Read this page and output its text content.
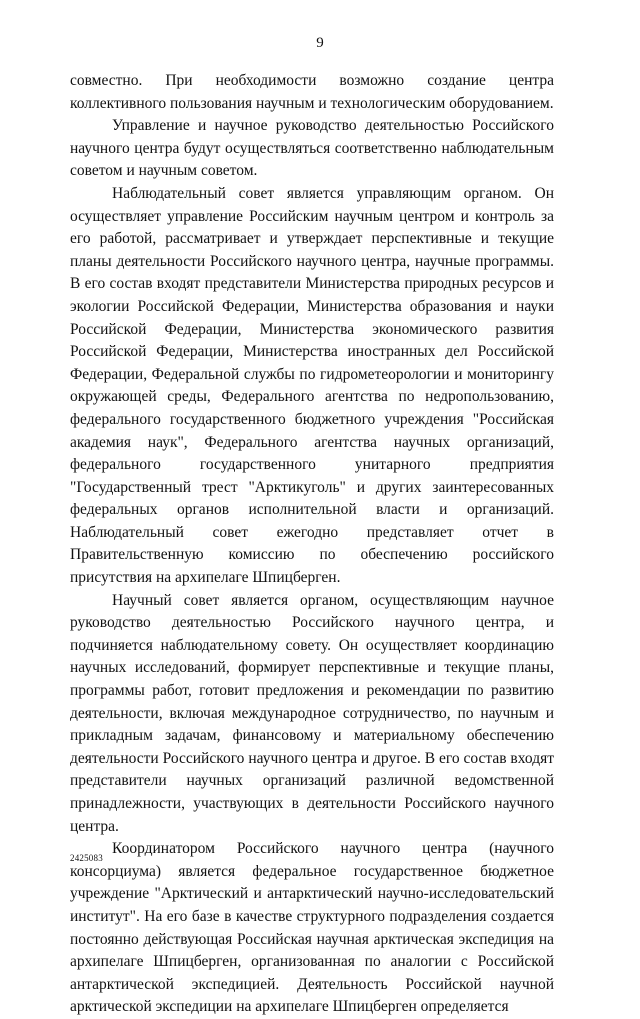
9

совместно. При необходимости возможно создание центра коллективного пользования научным и технологическим оборудованием.

Управление и научное руководство деятельностью Российского научного центра будут осуществляться соответственно наблюдательным советом и научным советом.

Наблюдательный совет является управляющим органом. Он осуществляет управление Российским научным центром и контроль за его работой, рассматривает и утверждает перспективные и текущие планы деятельности Российского научного центра, научные программы. В его состав входят представители Министерства природных ресурсов и экологии Российской Федерации, Министерства образования и науки Российской Федерации, Министерства экономического развития Российской Федерации, Министерства иностранных дел Российской Федерации, Федеральной службы по гидрометеорологии и мониторингу окружающей среды, Федерального агентства по недропользованию, федерального государственного бюджетного учреждения "Российская академия наук", Федерального агентства научных организаций, федерального государственного унитарного предприятия "Государственный трест "Арктикуголь" и других заинтересованных федеральных органов исполнительной власти и организаций. Наблюдательный совет ежегодно представляет отчет в Правительственную комиссию по обеспечению российского присутствия на архипелаге Шпицберген.

Научный совет является органом, осуществляющим научное руководство деятельностью Российского научного центра, и подчиняется наблюдательному совету. Он осуществляет координацию научных исследований, формирует перспективные и текущие планы, программы работ, готовит предложения и рекомендации по развитию деятельности, включая международное сотрудничество, по научным и прикладным задачам, финансовому и материальному обеспечению деятельности Российского научного центра и другое. В его состав входят представители научных организаций различной ведомственной принадлежности, участвующих в деятельности Российского научного центра.

Координатором Российского научного центра (научного консорциума) является федеральное государственное бюджетное учреждение "Арктический и антарктический научно-исследовательский институт". На его базе в качестве структурного подразделения создается постоянно действующая Российская научная арктическая экспедиция на архипелаге Шпицберген, организованная по аналогии с Российской антарктической экспедицией. Деятельность Российской научной арктической экспедиции на архипелаге Шпицберген определяется

2425083
